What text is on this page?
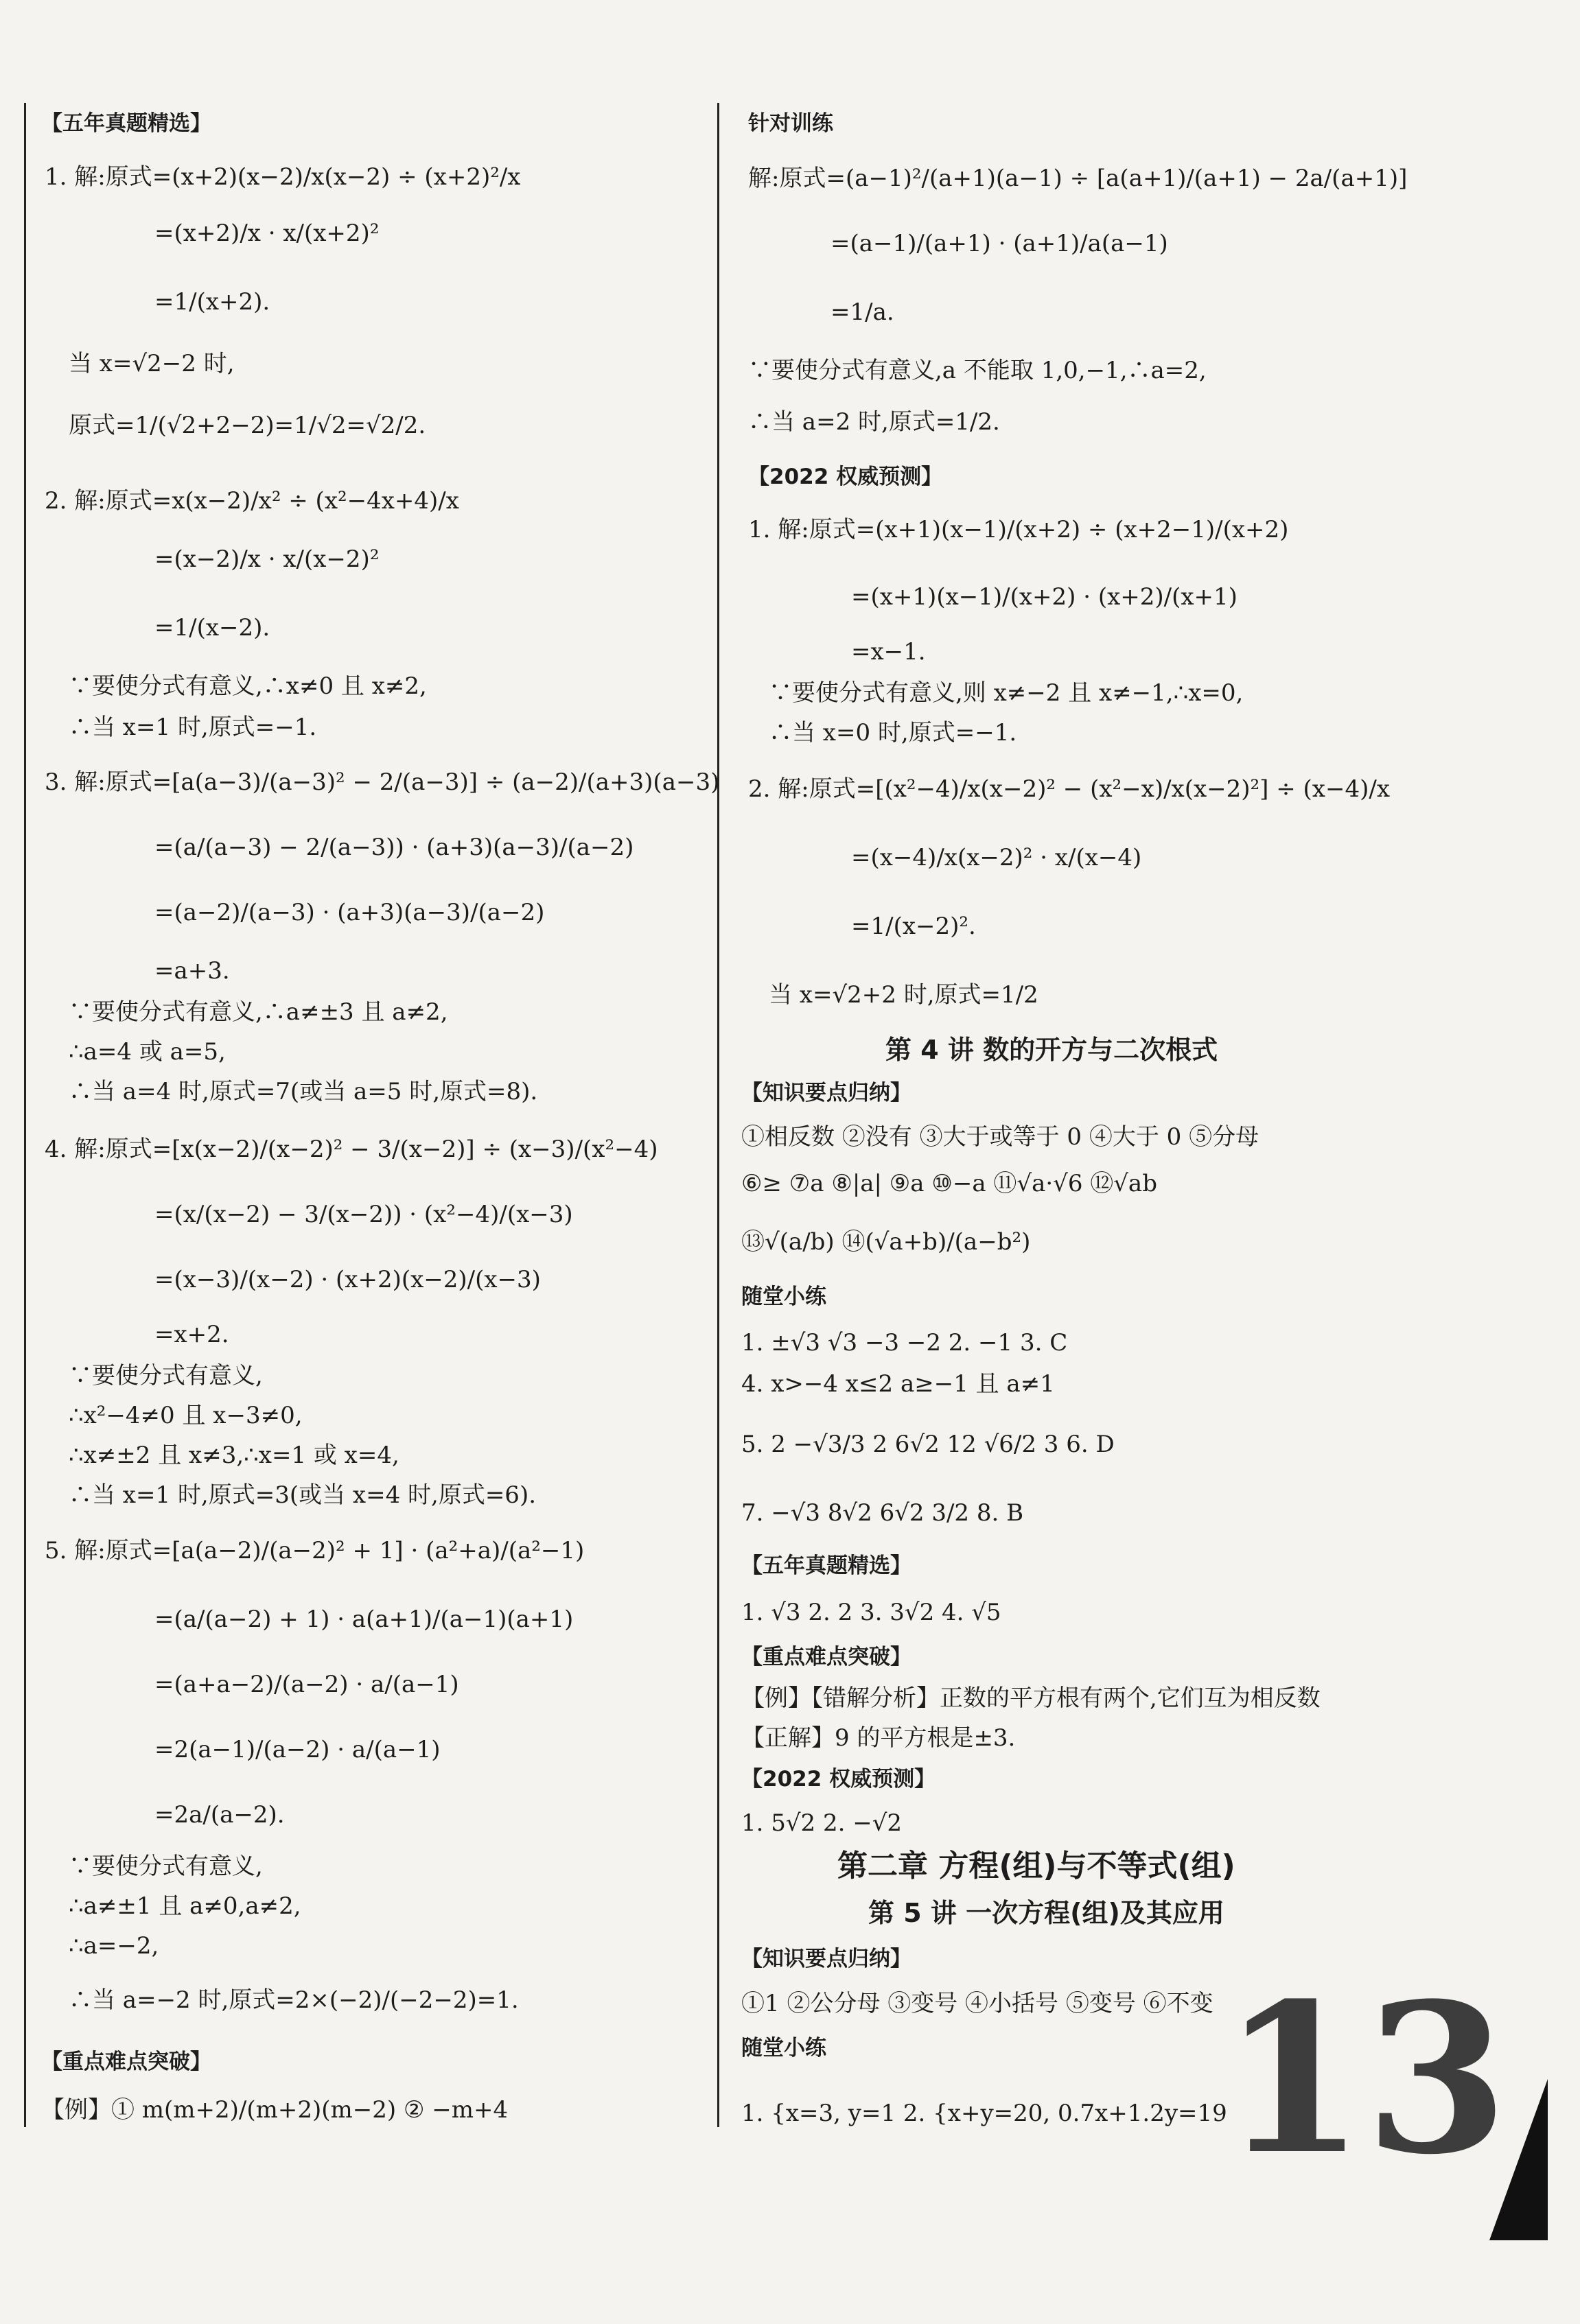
【五年真题精选】
1. 解:原式=(x+2)(x−2)/x(x−2) ÷ (x+2)²/x
=(x+2)/x · x/(x+2)²
=1/(x+2).
当 x=√2−2 时,
原式=1/(√2+2−2)=1/√2=√2/2.
2. 解:原式=x(x−2)/x² ÷ (x²−4x+4)/x
=(x−2)/x · x/(x−2)²
=1/(x−2).
∵要使分式有意义,∴x≠0 且 x≠2,
∴当 x=1 时,原式=−1.
3. 解:原式=[a(a−3)/(a−3)² − 2/(a−3)] ÷ (a−2)/(a+3)(a−3)
=(a/(a−3) − 2/(a−3)) · (a+3)(a−3)/(a−2)
=(a−2)/(a−3) · (a+3)(a−3)/(a−2)
=a+3.
∵要使分式有意义,∴a≠±3 且 a≠2,
∴a=4 或 a=5,
∴当 a=4 时,原式=7(或当 a=5 时,原式=8).
4. 解:原式=[x(x−2)/(x−2)² − 3/(x−2)] ÷ (x−3)/(x²−4)
=(x/(x−2) − 3/(x−2)) · (x²−4)/(x−3)
=(x−3)/(x−2) · (x+2)(x−2)/(x−3)
=x+2.
∵要使分式有意义,
∴x²−4≠0 且 x−3≠0,
∴x≠±2 且 x≠3,∴x=1 或 x=4,
∴当 x=1 时,原式=3(或当 x=4 时,原式=6).
5. 解:原式=[a(a−2)/(a−2)² + 1] · (a²+a)/(a²−1)
=(a/(a−2) + 1) · a(a+1)/(a−1)(a+1)
=(a+a−2)/(a−2) · a/(a−1)
=2(a−1)/(a−2) · a/(a−1)
=2a/(a−2).
∵要使分式有意义,
∴a≠±1 且 a≠0,a≠2,
∴a=−2,
∴当 a=−2 时,原式=2×(−2)/(−2−2)=1.
【重点难点突破】
【例】① m(m+2)/(m+2)(m−2) ② −m+4
针对训练
解:原式=(a−1)²/(a+1)(a−1) ÷ [a(a+1)/(a+1) − 2a/(a+1)]
=(a−1)/(a+1) · (a+1)/a(a−1)
=1/a.
∵要使分式有意义,a 不能取 1,0,−1,∴a=2,
∴当 a=2 时,原式=1/2.
【2022 权威预测】
1. 解:原式=(x+1)(x−1)/(x+2) ÷ (x+2−1)/(x+2)
=(x+1)(x−1)/(x+2) · (x+2)/(x+1)
=x−1.
∵要使分式有意义,则 x≠−2 且 x≠−1,∴x=0,
∴当 x=0 时,原式=−1.
2. 解:原式=[(x²−4)/x(x−2)² − (x²−x)/x(x−2)²] ÷ (x−4)/x
=(x−4)/x(x−2)² · x/(x−4)
=1/(x−2)².
当 x=√2+2 时,原式=1/2
第 4 讲 数的开方与二次根式
【知识要点归纳】
①相反数 ②没有 ③大于或等于 0 ④大于 0 ⑤分母
⑥≥ ⑦a ⑧|a| ⑨a ⑩−a ⑪√a·√6 ⑫√ab
⑬√(a/b) ⑭(√a+b)/(a−b²)
随堂小练
1. ±√3 √3 −3 −2 2. −1 3. C
4. x>−4 x≤2 a≥−1 且 a≠1
5. 2 −√3/3 2 6√2 12 √6/2 3 6. D
7. −√3 8√2 6√2 3/2 8. B
【五年真题精选】
1. √3 2. 2 3. 3√2 4. √5
【重点难点突破】
【例】【错解分析】正数的平方根有两个,它们互为相反数
【正解】9 的平方根是±3.
【2022 权威预测】
1. 5√2 2. −√2
第二章 方程(组)与不等式(组)
第 5 讲 一次方程(组)及其应用
【知识要点归纳】
①1 ②公分母 ③变号 ④小括号 ⑤变号 ⑥不变
随堂小练
1. {x=3, y=1 2. {x+y=20, 0.7x+1.2y=19
13
